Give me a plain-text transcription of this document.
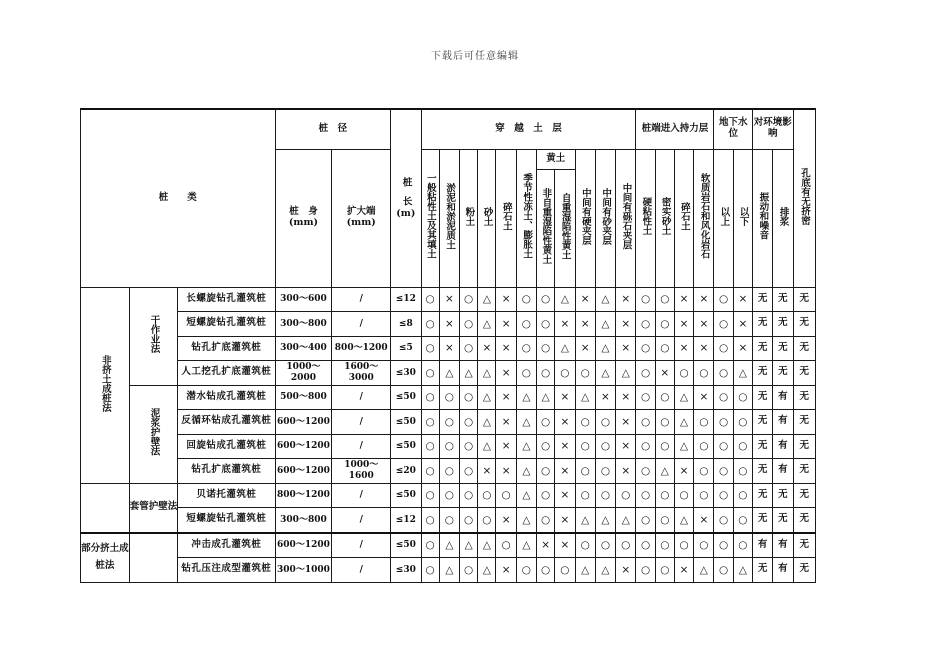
下载后可任意编辑
桩　　类			桩　径		桩　长
(m)	穿　越　土　层											桩端进入持力层				地下水位		对环境影响		孔底有无挤密
			桩　身
(mm)	扩大端
(mm)		一般粘性土及其填土	淤泥和淤泥质土	粉土	砂土	碎石土	季节性冻土、膨胀土	黄土		中间有硬夹层	中间有砂夹层	中间有砾石夹层	硬粘性土	密实砂土	碎石土	软质岩石和风化岩石	以上	以下	振动和噪音	排浆	
												非自重湿陷性黄土	自重湿陷性黄土												
非挤土成桩法	干作业法	长螺旋钻孔灌筑桩	300～600	/	≤12	○	×	○	△	×	○	○	△	×	△	×	○	○	×	×	○	×	无	无	无
		短螺旋钻孔灌筑桩	300～800	/	≤8	○	×	○	△	×	○	○	×	×	△	×	○	○	×	×	○	×	无	无	无
		钻孔扩底灌筑桩	300～400	800～1200	≤5	○	×	○	×	×	○	○	△	×	△	×	○	○	×	×	○	×	无	无	无
		人工挖孔扩底灌筑桩	1000～2000	1600～3000	≤30	○	△	△	△	×	○	○	○	○	△	△	○	×	○	○	○	△	无	无	无
	泥浆护壁法	潜水钻成孔灌筑桩	500～800	/	≤50	○	○	○	△	×	△	△	×	△	×	×	○	○	△	×	○	○	无	有	无
		反循环钻成孔灌筑桩	600～1200	/	≤50	○	○	○	△	×	△	○	×	○	○	×	○	○	△	○	○	○	无	有	无
		回旋钻成孔灌筑桩	600～1200	/	≤50	○	○	○	△	×	△	○	×	○	○	×	○	○	△	○	○	○	无	有	无
		钻孔扩底灌筑桩	600～1200	1000～1600	≤20	○	○	○	×	×	△	○	×	○	○	×	○	△	×	○	○	○	无	有	无
	套管护壁法	贝诺托灌筑桩	800～1200	/	≤50	○	○	○	○	○	△	○	×	○	○	○	○	○	○	○	○	○	无	无	无
		短螺旋钻孔灌筑桩	300～800	/	≤12	○	○	○	○	×	△	○	×	△	△	△	○	○	△	×	○	○	无	无	无
部分挤土成桩法		冲击成孔灌筑桩	600～1200	/	≤50	○	△	△	△	○	△	×	×	○	○	○	○	○	○	○	○	○	有	有	无
		钻孔压注成型灌筑桩	300～1000	/	≤30	○	△	○	△	×	○	○	○	△	△	×	○	○	×	△	○	△	无	有	无
